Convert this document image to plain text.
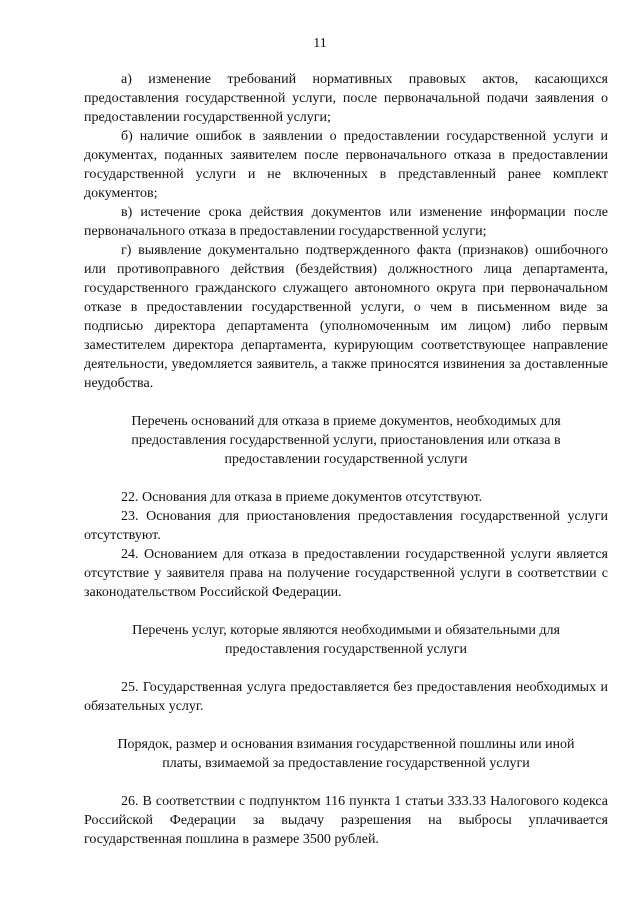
11

а) изменение требований нормативных правовых актов, касающихся предоставления государственной услуги, после первоначальной подачи заявления о предоставлении государственной услуги;

б) наличие ошибок в заявлении о предоставлении государственной услуги и документах, поданных заявителем после первоначального отказа в предоставлении государственной услуги и не включенных в представленный ранее комплект документов;

в) истечение срока действия документов или изменение информации после первоначального отказа в предоставлении государственной услуги;

г) выявление документально подтвержденного факта (признаков) ошибочного или противоправного действия (бездействия) должностного лица департамента, государственного гражданского служащего автономного округа при первоначальном отказе в предоставлении государственной услуги, о чем в письменном виде за подписью директора департамента (уполномоченным им лицом) либо первым заместителем директора департамента, курирующим соответствующее направление деятельности, уведомляется заявитель, а также приносятся извинения за доставленные неудобства.

Перечень оснований для отказа в приеме документов, необходимых для предоставления государственной услуги, приостановления или отказа в предоставлении государственной услуги

22. Основания для отказа в приеме документов отсутствуют.

23. Основания для приостановления предоставления государственной услуги отсутствуют.

24. Основанием для отказа в предоставлении государственной услуги является отсутствие у заявителя права на получение государственной услуги в соответствии с законодательством Российской Федерации.

Перечень услуг, которые являются необходимыми и обязательными для предоставления государственной услуги

25. Государственная услуга предоставляется без предоставления необходимых и обязательных услуг.

Порядок, размер и основания взимания государственной пошлины или иной платы, взимаемой за предоставление государственной услуги

26. В соответствии с подпунктом 116 пункта 1 статьи 333.33 Налогового кодекса Российской Федерации за выдачу разрешения на выбросы уплачивается государственная пошлина в размере 3500 рублей.
